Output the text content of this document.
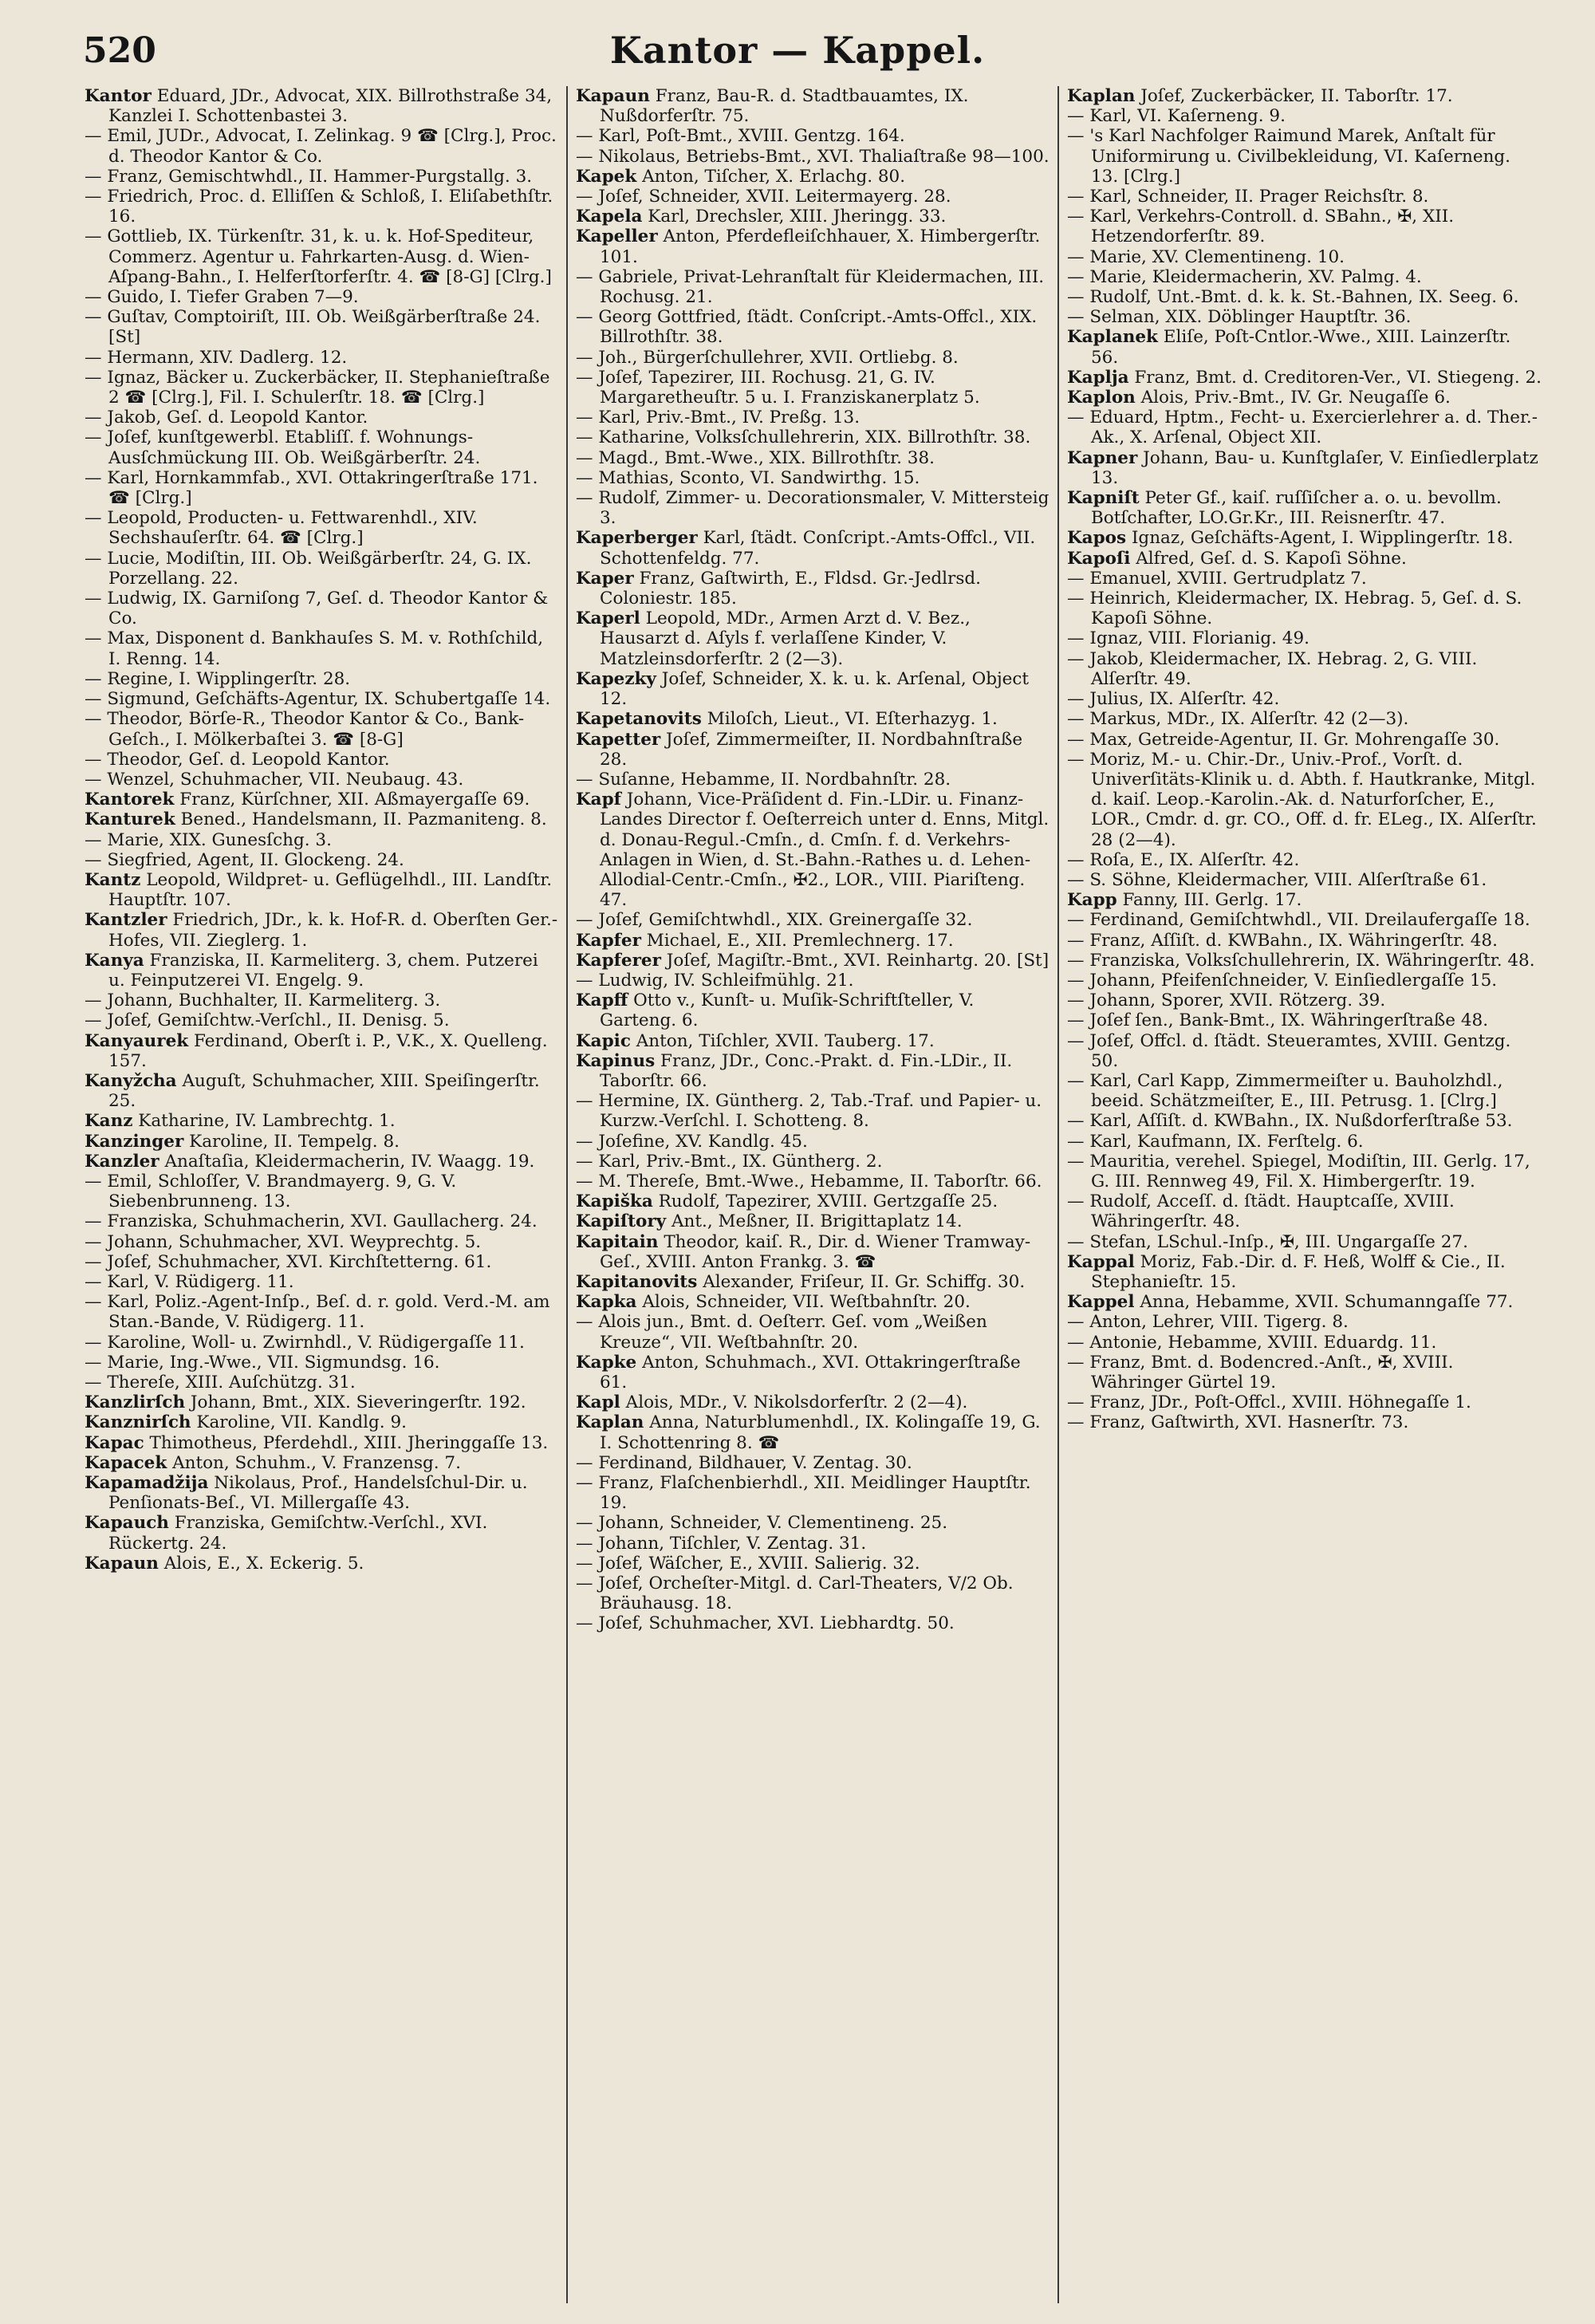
520	Kantor — Kappel.

Kantor Eduard, JDr., Advocat, XIX. Billrothstraße 34, Kanzlei I. Schottenbastei 3.

— Emil, JUDr., Advocat, I. Zelinkag. 9 ☎ [Clrg.], Proc. d. Theodor Kantor & Co.

— Franz, Gemischtwhdl., II. Hammer-Purgstallg. 3.

— Friedrich, Proc. d. Elliſſen & Schloß, I. Eliſabethſtr. 16.

— Gottlieb, IX. Türkenſtr. 31, k. u. k. Hof-Spediteur, Commerz. Agentur u. Fahrkarten-Ausg. d. Wien-Aſpang-Bahn., I. Helferſtorferſtr. 4. ☎ [8-G] [Clrg.]

— Guido, I. Tiefer Graben 7—9.

— Guſtav, Comptoiriſt, III. Ob. Weißgärberſtraße 24. [St]

— Hermann, XIV. Dadlerg. 12.

— Ignaz, Bäcker u. Zuckerbäcker, II. Stephanieſtraße 2 ☎ [Clrg.], Fil. I. Schulerſtr. 18. ☎ [Clrg.]

— Jakob, Geſ. d. Leopold Kantor.

— Joſef, kunſtgewerbl. Etabliſſ. f. Wohnungs-Ausſchmückung III. Ob. Weißgärberſtr. 24.

— Karl, Hornkammfab., XVI. Ottakringerſtraße 171. ☎ [Clrg.]

— Leopold, Producten- u. Fettwarenhdl., XIV. Sechshauſerſtr. 64. ☎ [Clrg.]

— Lucie, Modiſtin, III. Ob. Weißgärberſtr. 24, G. IX. Porzellang. 22.

— Ludwig, IX. Garniſong 7, Geſ. d. Theodor Kantor & Co.

— Max, Disponent d. Bankhauſes S. M. v. Rothſchild, I. Renng. 14.

— Regine, I. Wipplingerſtr. 28.

— Sigmund, Geſchäfts-Agentur, IX. Schubertgaſſe 14.

— Theodor, Börſe-R., Theodor Kantor & Co., Bank-Geſch., I. Mölkerbaſtei 3. ☎ [8-G]

— Theodor, Geſ. d. Leopold Kantor.

— Wenzel, Schuhmacher, VII. Neubaug. 43.

Kantorek Franz, Kürſchner, XII. Aßmayergaſſe 69.

Kanturek Bened., Handelsmann, II. Pazmaniteng. 8.

— Marie, XIX. Gunesſchg. 3.

— Siegfried, Agent, II. Glockeng. 24.

Kantz Leopold, Wildpret- u. Geflügelhdl., III. Landſtr. Hauptſtr. 107.

Kantzler Friedrich, JDr., k. k. Hof-R. d. Oberſten Ger.-Hofes, VII. Zieglerg. 1.

Kanya Franziska, II. Karmeliterg. 3, chem. Putzerei u. Feinputzerei VI. Engelg. 9.

— Johann, Buchhalter, II. Karmeliterg. 3.

— Joſef, Gemiſchtw.-Verſchl., II. Denisg. 5.

Kanyaurek Ferdinand, Oberſt i. P., V.K., X. Quelleng. 157.

Kanyžcha Auguſt, Schuhmacher, XIII. Speiſingerſtr. 25.

Kanz Katharine, IV. Lambrechtg. 1.

Kanzinger Karoline, II. Tempelg. 8.

Kanzler Anaſtaſia, Kleidermacherin, IV. Waagg. 19.

— Emil, Schloſſer, V. Brandmayerg. 9, G. V. Siebenbrunneng. 13.

— Franziska, Schuhmacherin, XVI. Gaullacherg. 24.

— Johann, Schuhmacher, XVI. Weyprechtg. 5.

— Joſef, Schuhmacher, XVI. Kirchſtetterng. 61.

— Karl, V. Rüdigerg. 11.

— Karl, Poliz.-Agent-Inſp., Beſ. d. r. gold. Verd.-M. am Stan.-Bande, V. Rüdigerg. 11.

— Karoline, Woll- u. Zwirnhdl., V. Rüdigergaſſe 11.

— Marie, Ing.-Wwe., VII. Sigmundsg. 16.

— Thereſe, XIII. Auſchützg. 31.

Kanzlirſch Johann, Bmt., XIX. Sieveringerſtr. 192.

Kanznirſch Karoline, VII. Kandlg. 9.

Kapac Thimotheus, Pferdehdl., XIII. Jheringgaſſe 13.

Kapacek Anton, Schuhm., V. Franzensg. 7.

Kapamadžija Nikolaus, Prof., Handelsſchul-Dir. u. Penſionats-Beſ., VI. Millergaſſe 43.

Kapauch Franziska, Gemiſchtw.-Verſchl., XVI. Rückertg. 24.

Kapaun Alois, E., X. Eckerig. 5.

Kapaun Franz, Bau-R. d. Stadtbauamtes, IX. Nußdorferſtr. 75.

— Karl, Poſt-Bmt., XVIII. Gentzg. 164.

— Nikolaus, Betriebs-Bmt., XVI. Thaliaſtraße 98—100.

Kapek Anton, Tiſcher, X. Erlachg. 80.

— Joſef, Schneider, XVII. Leitermayerg. 28.

Kapela Karl, Drechsler, XIII. Jheringg. 33.

Kapeller Anton, Pferdefleiſchhauer, X. Himbergerſtr. 101.

— Gabriele, Privat-Lehranſtalt für Kleidermachen, III. Rochusg. 21.

— Georg Gottfried, ſtädt. Conſcript.-Amts-Offcl., XIX. Billrothſtr. 38.

— Joh., Bürgerſchullehrer, XVII. Ortliebg. 8.

— Joſef, Tapezirer, III. Rochusg. 21, G. IV. Margaretheuſtr. 5 u. I. Franziskanerplatz 5.

— Karl, Priv.-Bmt., IV. Preßg. 13.

— Katharine, Volksſchullehrerin, XIX. Billrothſtr. 38.

— Magd., Bmt.-Wwe., XIX. Billrothſtr. 38.

— Mathias, Sconto, VI. Sandwirthg. 15.

— Rudolf, Zimmer- u. Decorationsmaler, V. Mittersteig 3.

Kaperberger Karl, ſtädt. Conſcript.-Amts-Offcl., VII. Schottenfeldg. 77.

Kaper Franz, Gaſtwirth, E., Fldsd. Gr.-Jedlrsd. Coloniestr. 185.

Kaperl Leopold, MDr., Armen Arzt d. V. Bez., Hausarzt d. Aſyls f. verlaſſene Kinder, V. Matzleinsdorferſtr. 2 (2—3).

Kapezky Joſef, Schneider, X. k. u. k. Arſenal, Object 12.

Kapetanovits Miloſch, Lieut., VI. Eſterhazyg. 1.

Kapetter Joſef, Zimmermeiſter, II. Nordbahnſtraße 28.

— Suſanne, Hebamme, II. Nordbahnſtr. 28.

Kapf Johann, Vice-Präſident d. Fin.-LDir. u. Finanz-Landes Director f. Oeſterreich unter d. Enns, Mitgl. d. Donau-Regul.-Cmſn., d. Cmſn. f. d. Verkehrs-Anlagen in Wien, d. St.-Bahn.-Rathes u. d. Lehen-Allodial-Centr.-Cmſn., ✠2., LOR., VIII. Piariſteng. 47.

— Joſef, Gemiſchtwhdl., XIX. Greinergaſſe 32.

Kapfer Michael, E., XII. Premlechnerg. 17.

Kapferer Joſef, Magiſtr.-Bmt., XVI. Reinhartg. 20. [St]

— Ludwig, IV. Schleifmühlg. 21.

Kapff Otto v., Kunſt- u. Muſik-Schriftſteller, V. Garteng. 6.

Kapic Anton, Tiſchler, XVII. Tauberg. 17.

Kapinus Franz, JDr., Conc.-Prakt. d. Fin.-LDir., II. Taborſtr. 66.

— Hermine, IX. Güntherg. 2, Tab.-Traf. und Papier- u. Kurzw.-Verſchl. I. Schotteng. 8.

— Joſefine, XV. Kandlg. 45.

— Karl, Priv.-Bmt., IX. Güntherg. 2.

— M. Thereſe, Bmt.-Wwe., Hebamme, II. Taborſtr. 66.

Kapiška Rudolf, Tapezirer, XVIII. Gertzgaſſe 25.

Kapiſtory Ant., Meßner, II. Brigittaplatz 14.

Kapitain Theodor, kaiſ. R., Dir. d. Wiener Tramway-Geſ., XVIII. Anton Frankg. 3. ☎

Kapitanovits Alexander, Friſeur, II. Gr. Schiffg. 30.

Kapka Alois, Schneider, VII. Weſtbahnſtr. 20.

— Alois jun., Bmt. d. Oeſterr. Geſ. vom „Weißen Kreuze“, VII. Weſtbahnſtr. 20.

Kapke Anton, Schuhmach., XVI. Ottakringerſtraße 61.

Kapl Alois, MDr., V. Nikolsdorferſtr. 2 (2—4).

Kaplan Anna, Naturblumenhdl., IX. Kolingaſſe 19, G. I. Schottenring 8. ☎

— Ferdinand, Bildhauer, V. Zentag. 30.

— Franz, Flaſchenbierhdl., XII. Meidlinger Hauptſtr. 19.

— Johann, Schneider, V. Clementineng. 25.

— Johann, Tiſchler, V. Zentag. 31.

— Joſef, Wäſcher, E., XVIII. Salierig. 32.

— Joſef, Orcheſter-Mitgl. d. Carl-Theaters, V/2 Ob. Bräuhausg. 18.

— Joſef, Schuhmacher, XVI. Liebhardtg. 50.

Kaplan Joſef, Zuckerbäcker, II. Taborſtr. 17.

— Karl, VI. Kaſerneng. 9.

— 's Karl Nachfolger Raimund Marek, Anſtalt für Uniformirung u. Civilbekleidung, VI. Kaſerneng. 13. [Clrg.]

— Karl, Schneider, II. Prager Reichsſtr. 8.

— Karl, Verkehrs-Controll. d. SBahn., ✠, XII. Hetzendorferſtr. 89.

— Marie, XV. Clementineng. 10.

— Marie, Kleidermacherin, XV. Palmg. 4.

— Rudolf, Unt.-Bmt. d. k. k. St.-Bahnen, IX. Seeg. 6.

— Selman, XIX. Döblinger Hauptſtr. 36.

Kaplanek Eliſe, Poſt-Cntlor.-Wwe., XIII. Lainzerſtr. 56.

Kaplja Franz, Bmt. d. Creditoren-Ver., VI. Stiegeng. 2.

Kaplon Alois, Priv.-Bmt., IV. Gr. Neugaſſe 6.

— Eduard, Hptm., Fecht- u. Exercierlehrer a. d. Ther.-Ak., X. Arſenal, Object XII.

Kapner Johann, Bau- u. Kunſtglaſer, V. Einſiedlerplatz 13.

Kapniſt Peter Gf., kaiſ. ruſſiſcher a. o. u. bevollm. Botſchafter, LO.Gr.Kr., III. Reisnerſtr. 47.

Kapos Ignaz, Geſchäfts-Agent, I. Wipplingerſtr. 18.

Kapoſi Alfred, Geſ. d. S. Kapoſi Söhne.

— Emanuel, XVIII. Gertrudplatz 7.

— Heinrich, Kleidermacher, IX. Hebrag. 5, Geſ. d. S. Kapoſi Söhne.

— Ignaz, VIII. Florianig. 49.

— Jakob, Kleidermacher, IX. Hebrag. 2, G. VIII. Alſerſtr. 49.

— Julius, IX. Alſerſtr. 42.

— Markus, MDr., IX. Alſerſtr. 42 (2—3).

— Max, Getreide-Agentur, II. Gr. Mohrengaſſe 30.

— Moriz, M.- u. Chir.-Dr., Univ.-Prof., Vorſt. d. Univerſitäts-Klinik u. d. Abth. f. Hautkranke, Mitgl. d. kaiſ. Leop.-Karolin.-Ak. d. Naturforſcher, E., LOR., Cmdr. d. gr. CO., Off. d. fr. ELeg., IX. Alſerſtr. 28 (2—4).

— Roſa, E., IX. Alſerſtr. 42.

— S. Söhne, Kleidermacher, VIII. Alſerſtraße 61.

Kapp Fanny, III. Gerlg. 17.

— Ferdinand, Gemiſchtwhdl., VII. Dreilaufergaſſe 18.

— Franz, Aſſiſt. d. KWBahn., IX. Währingerſtr. 48.

— Franziska, Volksſchullehrerin, IX. Währingerſtr. 48.

— Johann, Pfeifenſchneider, V. Einſiedlergaſſe 15.

— Johann, Sporer, XVII. Rötzerg. 39.

— Joſef ſen., Bank-Bmt., IX. Währingerſtraße 48.

— Joſef, Offcl. d. ſtädt. Steueramtes, XVIII. Gentzg. 50.

— Karl, Carl Kapp, Zimmermeiſter u. Bauholzhdl., beeid. Schätzmeiſter, E., III. Petrusg. 1. [Clrg.]

— Karl, Aſſiſt. d. KWBahn., IX. Nußdorferſtraße 53.

— Karl, Kaufmann, IX. Ferſtelg. 6.

— Mauritia, verehel. Spiegel, Modiſtin, III. Gerlg. 17, G. III. Rennweg 49, Fil. X. Himbergerſtr. 19.

— Rudolf, Acceſſ. d. ſtädt. Hauptcaſſe, XVIII. Währingerſtr. 48.

— Stefan, LSchul.-Inſp., ✠, III. Ungargaſſe 27.

Kappal Moriz, Fab.-Dir. d. F. Heß, Wolff & Cie., II. Stephanieſtr. 15.

Kappel Anna, Hebamme, XVII. Schumanngaſſe 77.

— Anton, Lehrer, VIII. Tigerg. 8.

— Antonie, Hebamme, XVIII. Eduardg. 11.

— Franz, Bmt. d. Bodencred.-Anſt., ✠, XVIII. Währinger Gürtel 19.

— Franz, JDr., Poſt-Offcl., XVIII. Höhnegaſſe 1.

— Franz, Gaſtwirth, XVI. Hasnerſtr. 73.
